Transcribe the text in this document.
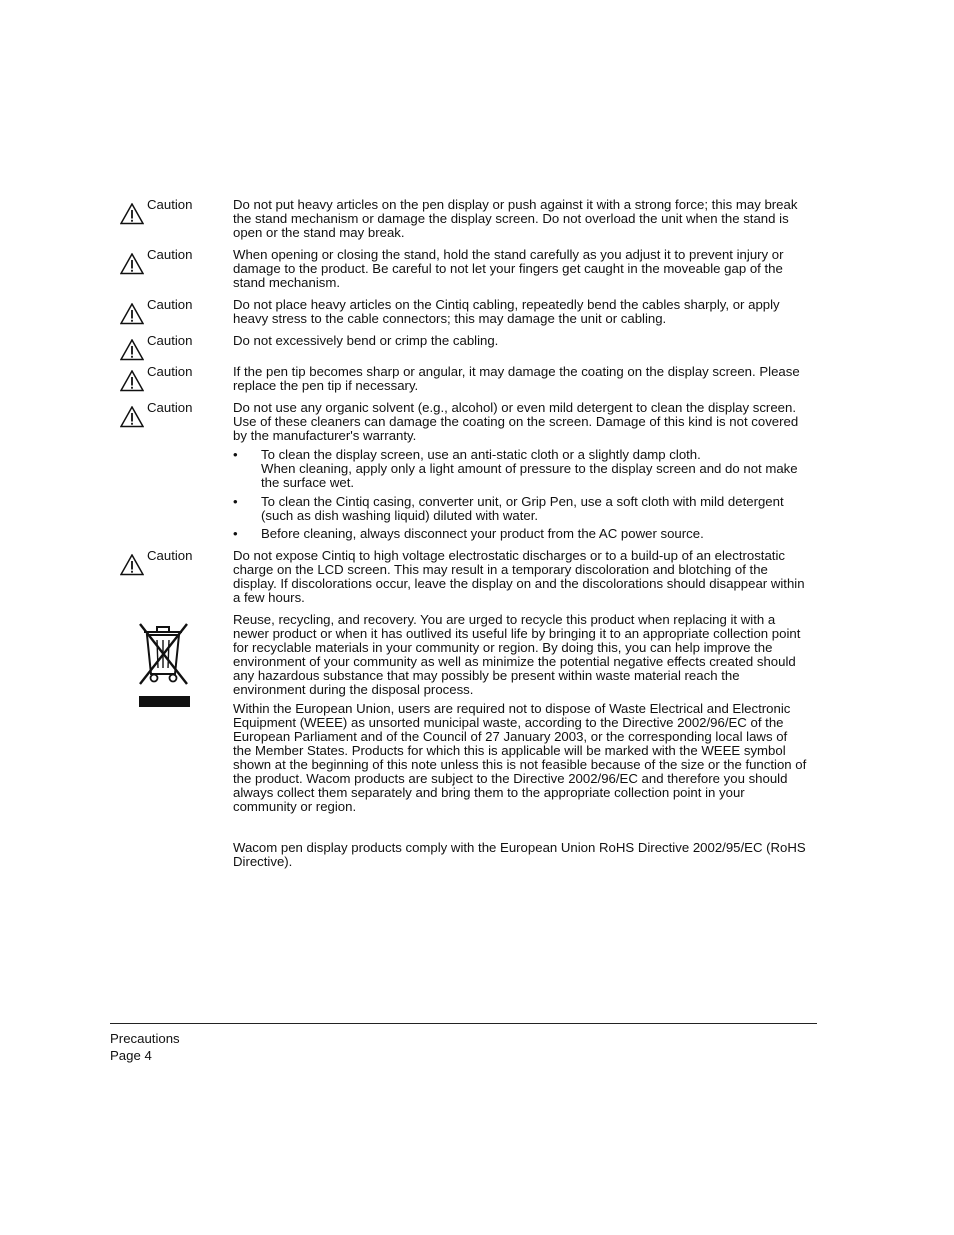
Caution	Do not put heavy articles on the pen display or push against it with a strong force; this may break the stand mechanism or damage the display screen. Do not overload the unit when the stand is open or the stand may break.
Caution	When opening or closing the stand, hold the stand carefully as you adjust it to prevent injury or damage to the product. Be careful to not let your fingers get caught in the moveable gap of the stand mechanism.
Caution	Do not place heavy articles on the Cintiq cabling, repeatedly bend the cables sharply, or apply heavy stress to the cable connectors; this may damage the unit or cabling.
Caution	Do not excessively bend or crimp the cabling.
Caution	If the pen tip becomes sharp or angular, it may damage the coating on the display screen. Please replace the pen tip if necessary.
Caution	Do not use any organic solvent (e.g., alcohol) or even mild detergent to clean the display screen. Use of these cleaners can damage the coating on the screen. Damage of this kind is not covered by the manufacturer's warranty.
• To clean the display screen, use an anti-static cloth or a slightly damp cloth.
When cleaning, apply only a light amount of pressure to the display screen and do not make the surface wet.
• To clean the Cintiq casing, converter unit, or Grip Pen, use a soft cloth with mild detergent (such as dish washing liquid) diluted with water.
• Before cleaning, always disconnect your product from the AC power source.
Caution	Do not expose Cintiq to high voltage electrostatic discharges or to a build-up of an electrostatic charge on the LCD screen. This may result in a temporary discoloration and blotching of the display. If discolorations occur, leave the display on and the discolorations should disappear within a few hours.
Reuse, recycling, and recovery. You are urged to recycle this product when replacing it with a newer product or when it has outlived its useful life by bringing it to an appropriate collection point for recyclable materials in your community or region. By doing this, you can help improve the environment of your community as well as minimize the potential negative effects created should any hazardous substance that may possibly be present within waste material reach the environment during the disposal process.
Within the European Union, users are required not to dispose of Waste Electrical and Electronic Equipment (WEEE) as unsorted municipal waste, according to the Directive 2002/96/EC of the European Parliament and of the Council of 27 January 2003, or the corresponding local laws of the Member States. Products for which this is applicable will be marked with the WEEE symbol shown at the beginning of this note unless this is not feasible because of the size or the function of the product. Wacom products are subject to the Directive 2002/96/EC and therefore you should always collect them separately and bring them to the appropriate collection point in your community or region.
Wacom pen display products comply with the European Union RoHS Directive 2002/95/EC (RoHS Directive).
Precautions
Page 4
